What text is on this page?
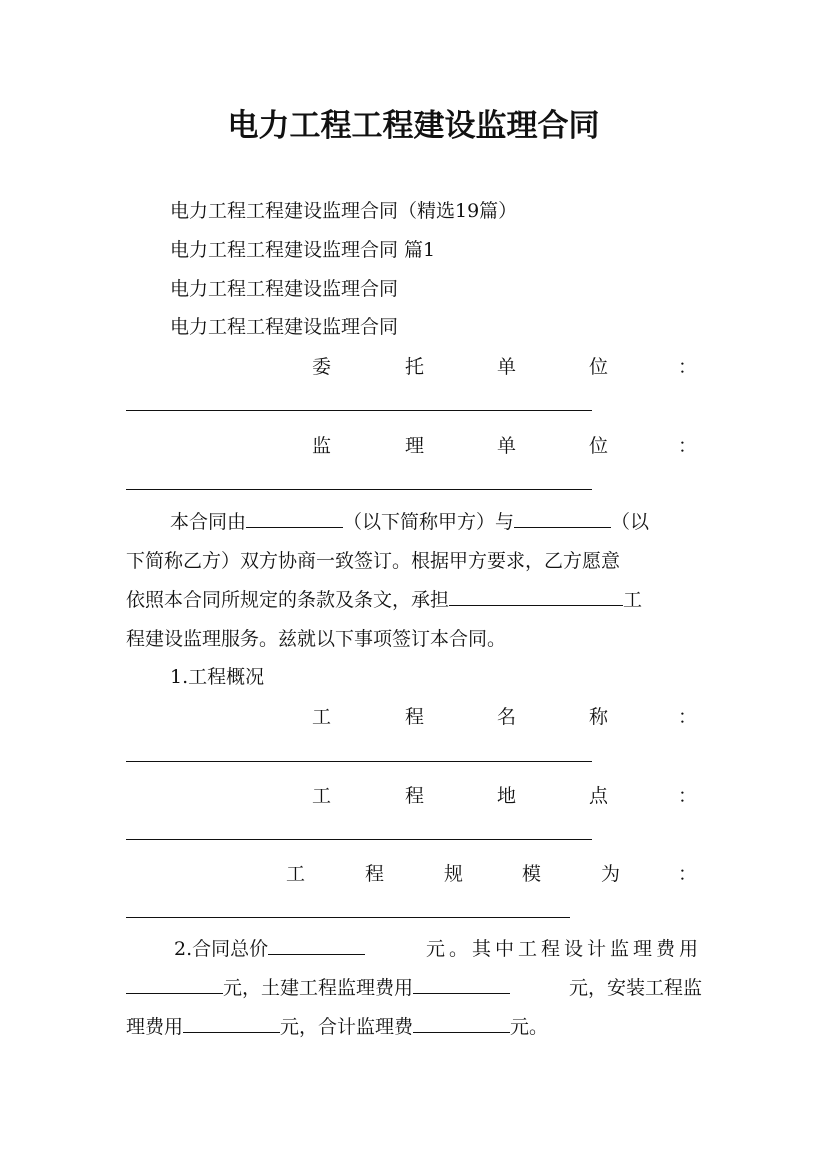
电力工程工程建设监理合同
电力工程工程建设监理合同（精选19篇）
电力工程工程建设监理合同 篇1
电力工程工程建设监理合同
电力工程工程建设监理合同
委	托	单	位	：
监	理	单	位	：
本合同由	（以下简称甲方）与	（以
下简称乙方）双方协商一致签订。根据甲方要求，乙方愿意
依照本合同所规定的条款及条文，承担	工
程建设监理服务。兹就以下事项签订本合同。
1.工程概况
工	程	名	称	：
工	程	地	点	：
工	程	规	模	为	：
2.合同总价	元。其中工程设计监理费用
元，土建工程监理费用	元，安装工程监
理费用	元，合计监理费	元。
